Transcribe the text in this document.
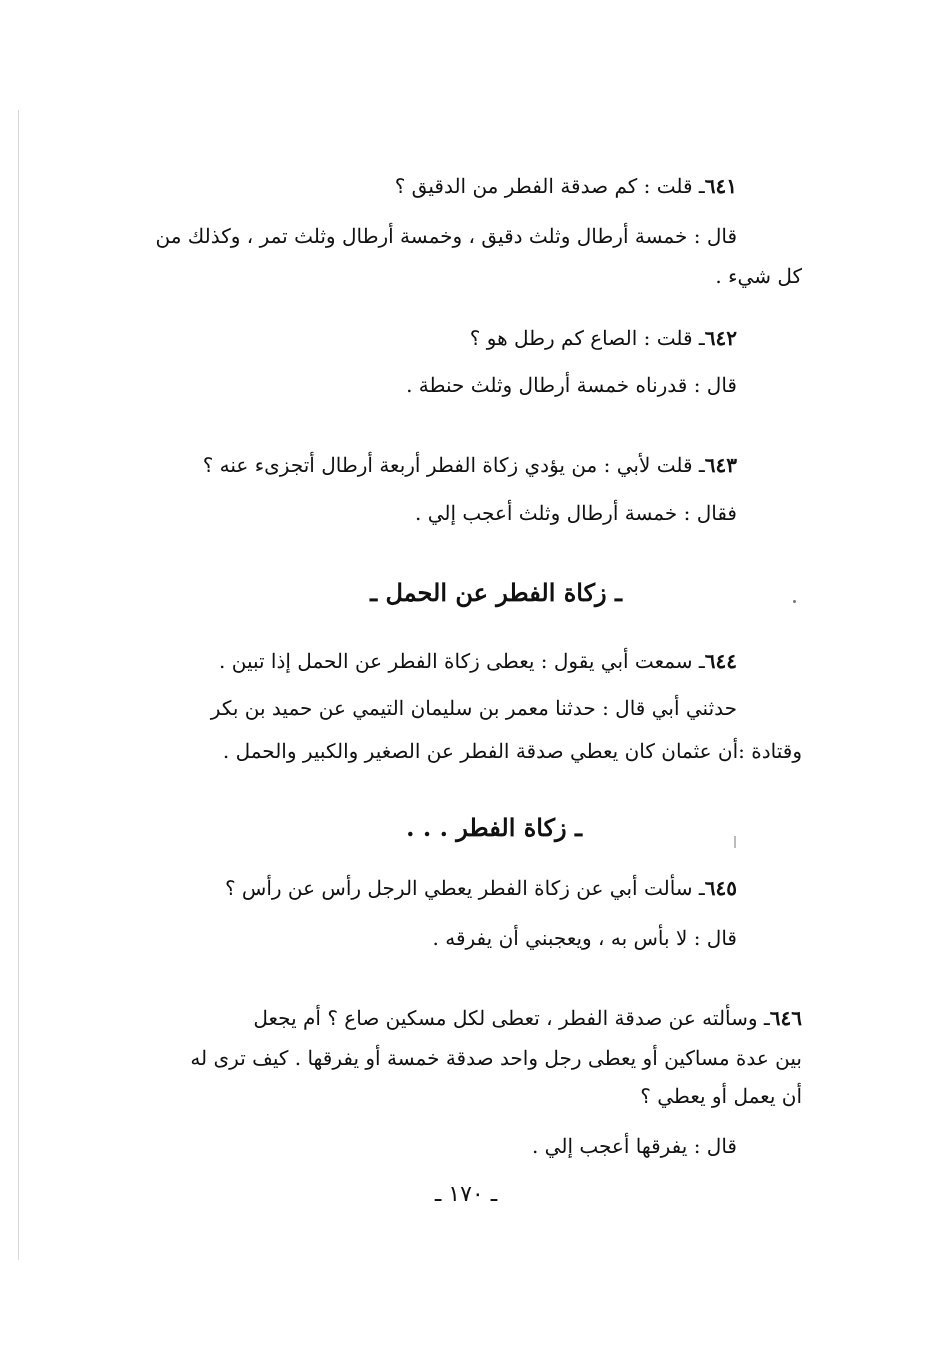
٦٤١ـ قلت : كم صدقة الفطر من الدقيق ؟

قال : خمسة أرطال وثلث دقيق ، وخمسة أرطال وثلث تمر ، وكذلك من

كل شيء .

٦٤٢ـ قلت : الصاع كم رطل هو ؟

قال : قدرناه خمسة أرطال وثلث حنطة .

٦٤٣ـ قلت لأبي : من يؤدي زكاة الفطر أربعة أرطال أتجزىء عنه ؟

فقال : خمسة أرطال وثلث أعجب إلي .

ـ زكاة الفطر عن الحمل ـ

٦٤٤ـ سمعت أبي يقول : يعطى زكاة الفطر عن الحمل إذا تبين .

حدثني أبي قال : حدثنا معمر بن سليمان التيمي عن حميد بن بكر

وقتادة :أن عثمان كان يعطي صدقة الفطر عن الصغير والكبير والحمل .

ـ زكاة الفطر . . .

٦٤٥ـ سألت أبي عن زكاة الفطر يعطي الرجل رأس عن رأس ؟

قال : لا بأس به ، ويعجبني أن يفرقه .

٦٤٦ـ وسألته عن صدقة الفطر ، تعطى لكل مسكين صاع ؟ أم يجعل

بين عدة مساكين أو يعطى رجل واحد صدقة خمسة أو يفرقها . كيف ترى له

أن يعمل أو يعطي ؟

قال : يفرقها أعجب إلي .

ـ ١٧٠ ـ
